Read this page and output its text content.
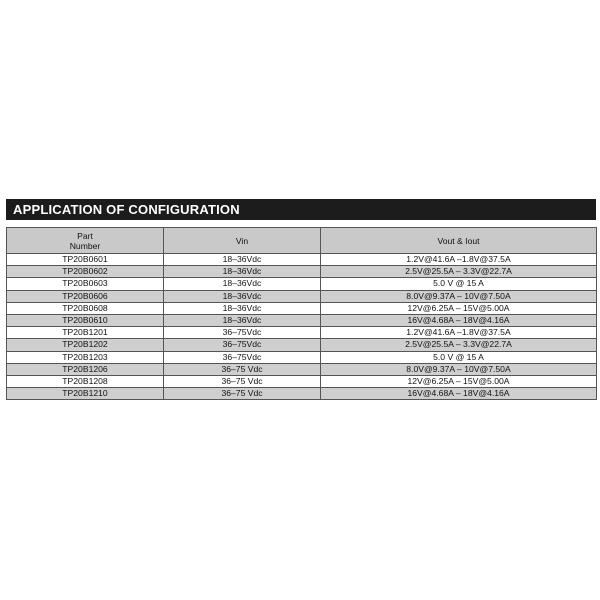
APPLICATION OF CONFIGURATION
Part
Number	Vin	Vout & Iout
TP20B0601	18–36Vdc	1.2V@41.6A –1.8V@37.5A
TP20B0602	18–36Vdc	2.5V@25.5A – 3.3V@22.7A
TP20B0603	18–36Vdc	5.0 V @ 15 A
TP20B0606	18–36Vdc	8.0V@9.37A – 10V@7.50A
TP20B0608	18–36Vdc	12V@6.25A – 15V@5.00A
TP20B0610	18–36Vdc	16V@4.68A – 18V@4.16A
TP20B1201	36–75Vdc	1.2V@41.6A –1.8V@37.5A
TP20B1202	36–75Vdc	2.5V@25.5A – 3.3V@22.7A
TP20B1203	36–75Vdc	5.0 V @ 15 A
TP20B1206	36–75 Vdc	8.0V@9.37A – 10V@7.50A
TP20B1208	36–75 Vdc	12V@6.25A – 15V@5.00A
TP20B1210	36–75 Vdc	16V@4.68A – 18V@4.16A
